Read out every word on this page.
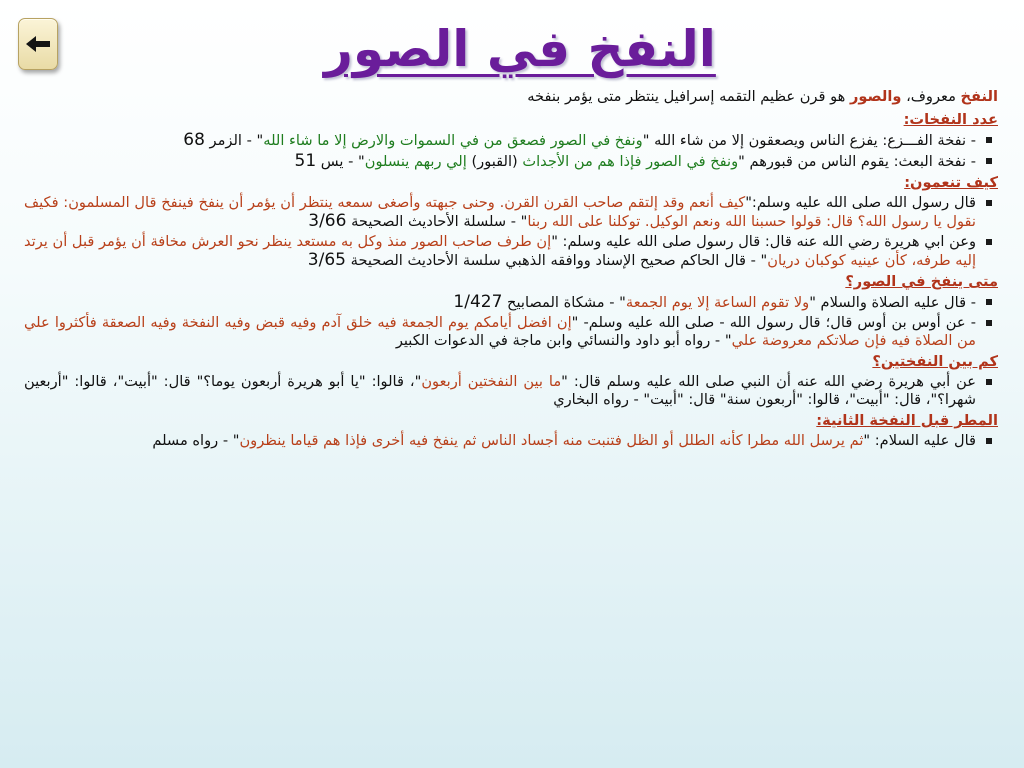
النفخ في الصور

النفخ معروف، والصور هو قرن عظيم التقمه إسرافيل ينتظر متى يؤمر بنفخه

عدد النفخات:
- نفخة الفـــزع: يفزع الناس ويصعقون إلا من شاء الله "ونفخ في الصور فصعق من في السموات والارض إلا ما شاء الله" - الزمر 68
- نفخة البعث: يقوم الناس من قبورهم "ونفخ في الصور فإذا هم من الأجداث (القبور) إلي ربهم ينسلون" - يس 51
كيف تنعمون:
قال رسول الله صلى الله عليه وسلم:"كيف أنعم وقد إلتقم صاحب القرن القرن. وحنى جبهته وأصغى سمعه ينتظر أن يؤمر أن ينفخ فينفخ قال المسلمون: فكيف نقول يا رسول الله؟ قال: قولوا حسبنا الله ونعم الوكيل. توكلنا على الله ربنا" - سلسلة الأحاديث الصحيحة 3/66
وعن ابي هريرة رضي الله عنه قال: قال رسول صلى الله عليه وسلم: "إن طرف صاحب الصور منذ وكل به مستعد ينظر نحو العرش مخافة أن يؤمر قبل أن يرتد إليه طرفه، كأن عينيه كوكبان دريان" - قال الحاكم صحيح الإسناد ووافقه الذهبي سلسة الأحاديث الصحيحة 3/65
متى ينفخ في الصور؟
- قال عليه الصلاة والسلام "ولا تقوم الساعة إلا يوم الجمعة" - مشكاة المصابيح 1/427
- عن أوس بن أوس قال؛ قال رسول الله - صلى الله عليه وسلم- "إن افضل أيامكم يوم الجمعة فيه خلق آدم وفيه قبض وفيه النفخة وفيه الصعقة فأكثروا علي من الصلاة فيه فإن صلاتكم معروضة علي" - رواه أبو داود والنسائي وابن ماجة في الدعوات الكبير
كم بين النفختين؟
عن أبي هريرة رضي الله عنه أن النبي صلى الله عليه وسلم قال: "ما بين النفختين أربعون"، قالوا: "يا أبو هريرة أربعون يوما؟" قال: "أبيت"، قالوا: "أربعين شهرا؟"، قال: "أبيت"، قالوا: "أربعون سنة" قال: "أبيت" - رواه البخاري
المطر قبل النفخة الثانية:
قال عليه السلام: "ثم يرسل الله مطرا كأنه الطلل أو الظل فتنبت منه أجساد الناس ثم ينفخ فيه أخرى فإذا هم قياما ينظرون" - رواه مسلم
